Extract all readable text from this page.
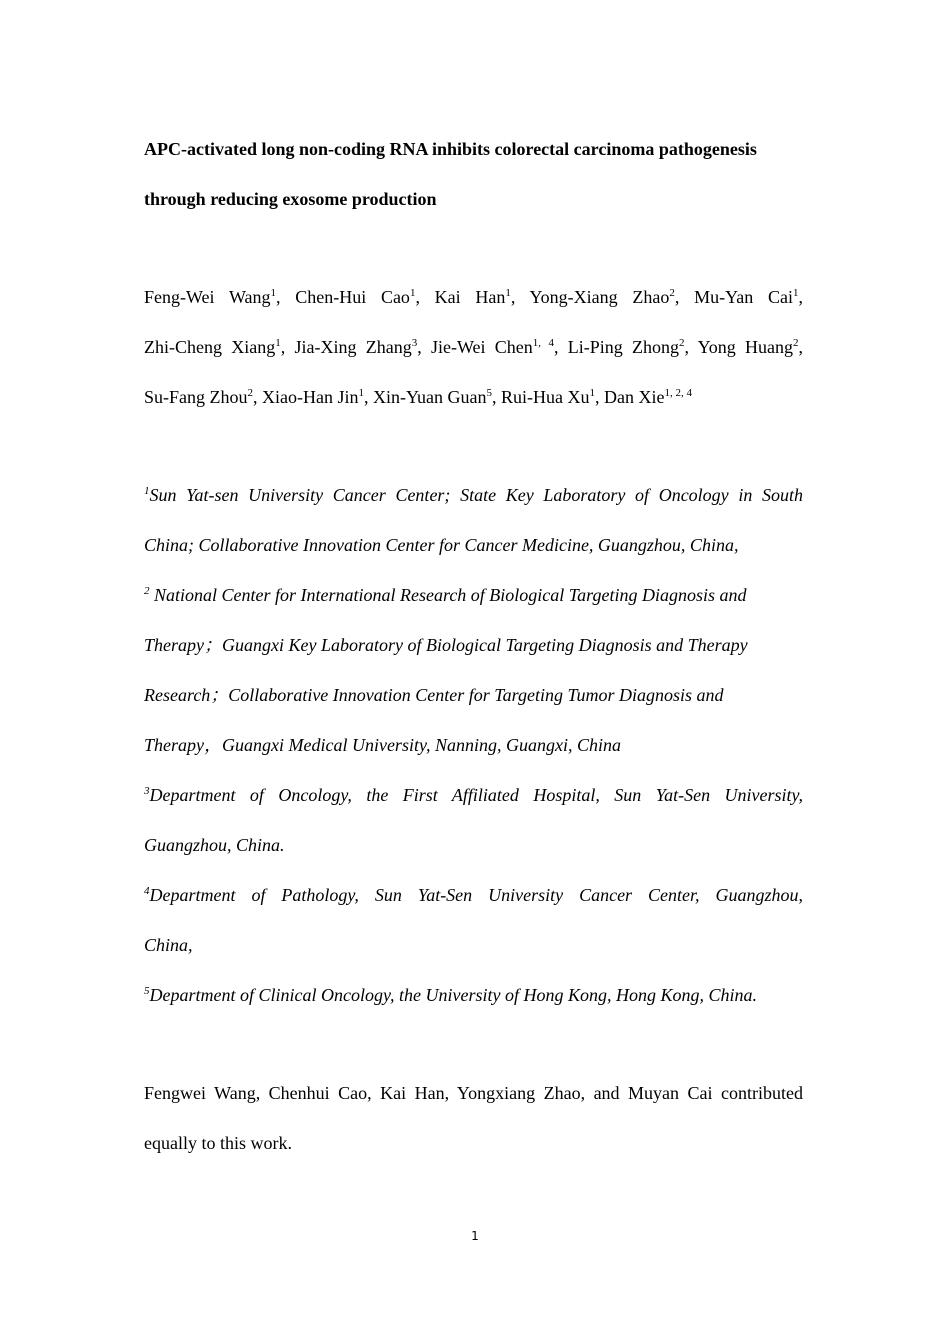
APC-activated long non-coding RNA inhibits colorectal carcinoma pathogenesis
through reducing exosome production
Feng-Wei Wang$^1$, Chen-Hui Cao$^1$, Kai Han$^1$, Yong-Xiang Zhao$^2$, Mu-Yan Cai$^1$,
Zhi-Cheng Xiang$^1$, Jia-Xing Zhang$^3$, Jie-Wei Chen$^{1, 4}$, Li-Ping Zhong$^2$, Yong Huang$^2$,
Su-Fang Zhou$^2$, Xiao-Han Jin$^1$, Xin-Yuan Guan$^5$, Rui-Hua Xu$^1$, Dan Xie$^{1, 2, 4}$
$^1$Sun Yat-sen University Cancer Center; State Key Laboratory of Oncology in South
China; Collaborative Innovation Center for Cancer Medicine, Guangzhou, China,
$^2$ National Center for International Research of Biological Targeting Diagnosis and
Therapy；Guangxi Key Laboratory of Biological Targeting Diagnosis and Therapy
Research；Collaborative Innovation Center for Targeting Tumor Diagnosis and
Therapy，Guangxi Medical University, Nanning, Guangxi, China
$^3$Department of Oncology, the First Affiliated Hospital, Sun Yat-Sen University,
Guangzhou, China.
$^4$Department of Pathology, Sun Yat-Sen University Cancer Center, Guangzhou,
China,
$^5$Department of Clinical Oncology, the University of Hong Kong, Hong Kong, China.
Fengwei Wang, Chenhui Cao, Kai Han, Yongxiang Zhao, and Muyan Cai contributed
equally to this work.
1
